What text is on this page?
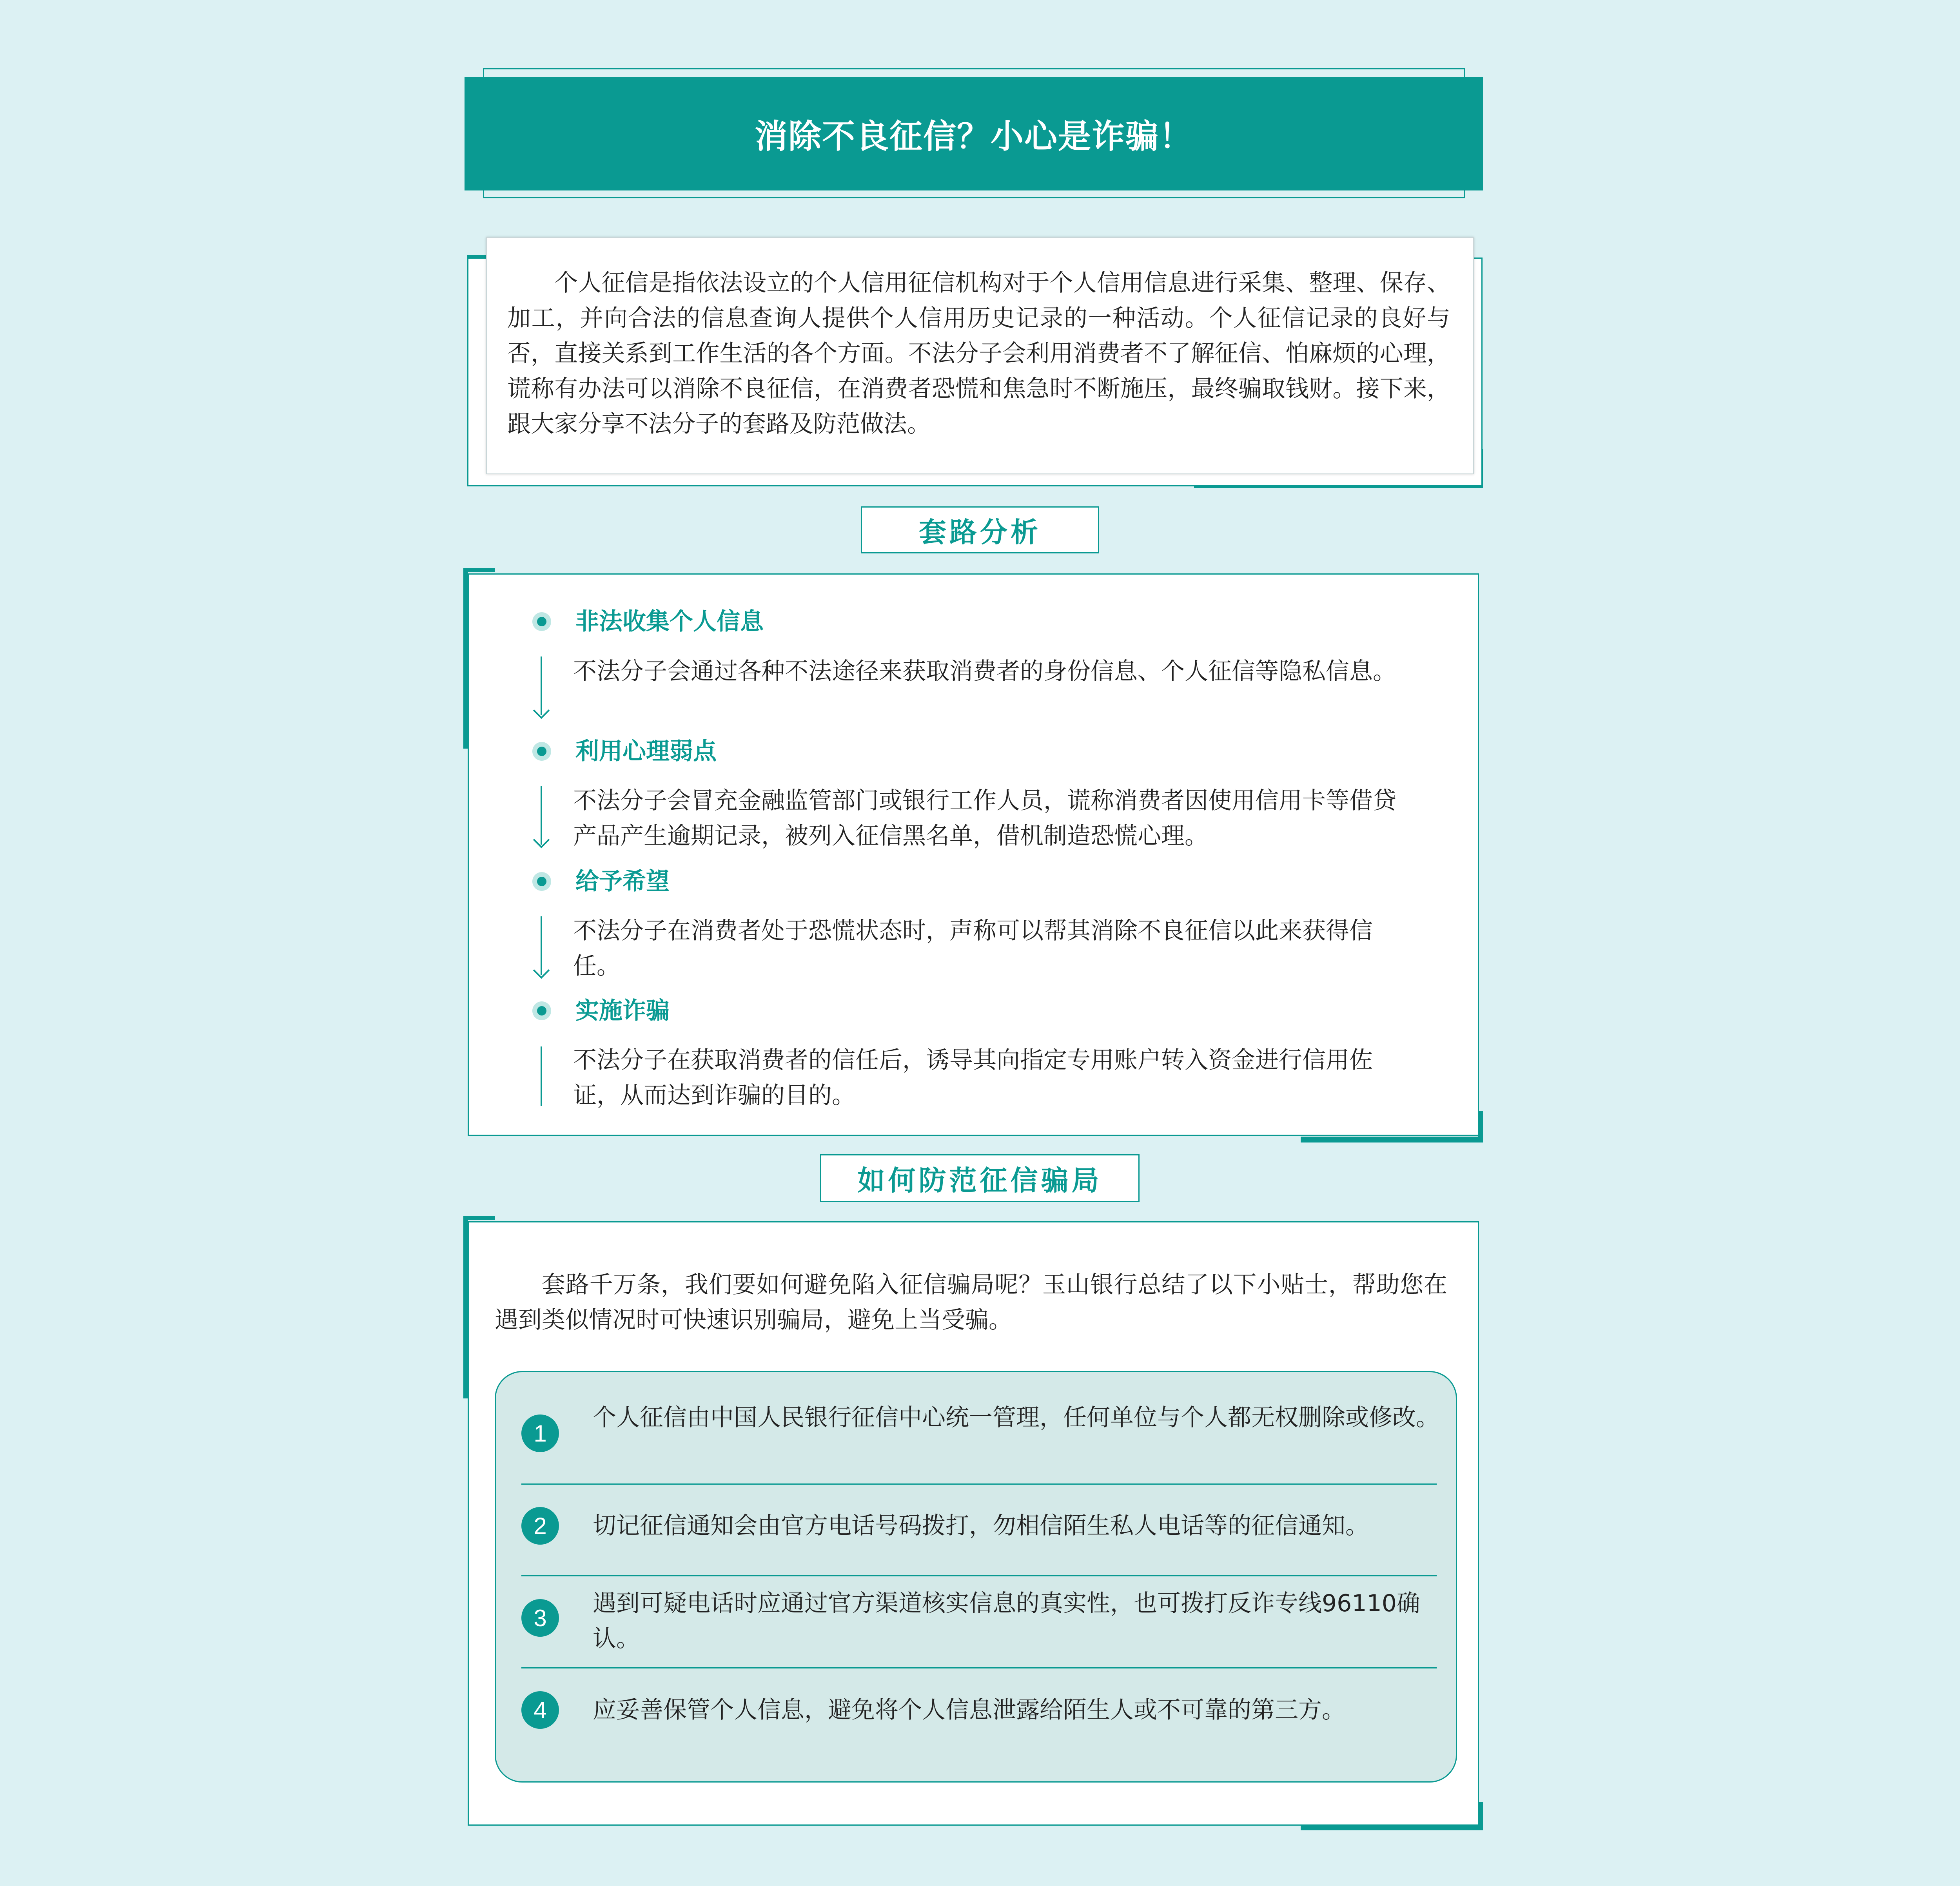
消除不良征信？小心是诈骗！
个人征信是指依法设立的个人信用征信机构对于个人信用信息进行采集、整理、保存、加工，并向合法的信息查询人提供个人信用历史记录的一种活动。个人征信记录的良好与否，直接关系到工作生活的各个方面。不法分子会利用消费者不了解征信、怕麻烦的心理，谎称有办法可以消除不良征信，在消费者恐慌和焦急时不断施压，最终骗取钱财。接下来，跟大家分享不法分子的套路及防范做法。
套路分析
非法收集个人信息
不法分子会通过各种不法途径来获取消费者的身份信息、个人征信等隐私信息。
利用心理弱点
不法分子会冒充金融监管部门或银行工作人员，谎称消费者因使用信用卡等借贷产品产生逾期记录，被列入征信黑名单，借机制造恐慌心理。
给予希望
不法分子在消费者处于恐慌状态时，声称可以帮其消除不良征信以此来获得信任。
实施诈骗
不法分子在获取消费者的信任后，诱导其向指定专用账户转入资金进行信用佐证，从而达到诈骗的目的。
如何防范征信骗局
套路千万条，我们要如何避免陷入征信骗局呢？玉山银行总结了以下小贴士，帮助您在遇到类似情况时可快速识别骗局，避免上当受骗。
1
个人征信由中国人民银行征信中心统一管理，任何单位与个人都无权删除或修改。
2	切记征信通知会由官方电话号码拨打，勿相信陌生私人电话等的征信通知。
3
遇到可疑电话时应通过官方渠道核实信息的真实性，也可拨打反诈专线96110确认。
4	应妥善保管个人信息，避免将个人信息泄露给陌生人或不可靠的第三方。
